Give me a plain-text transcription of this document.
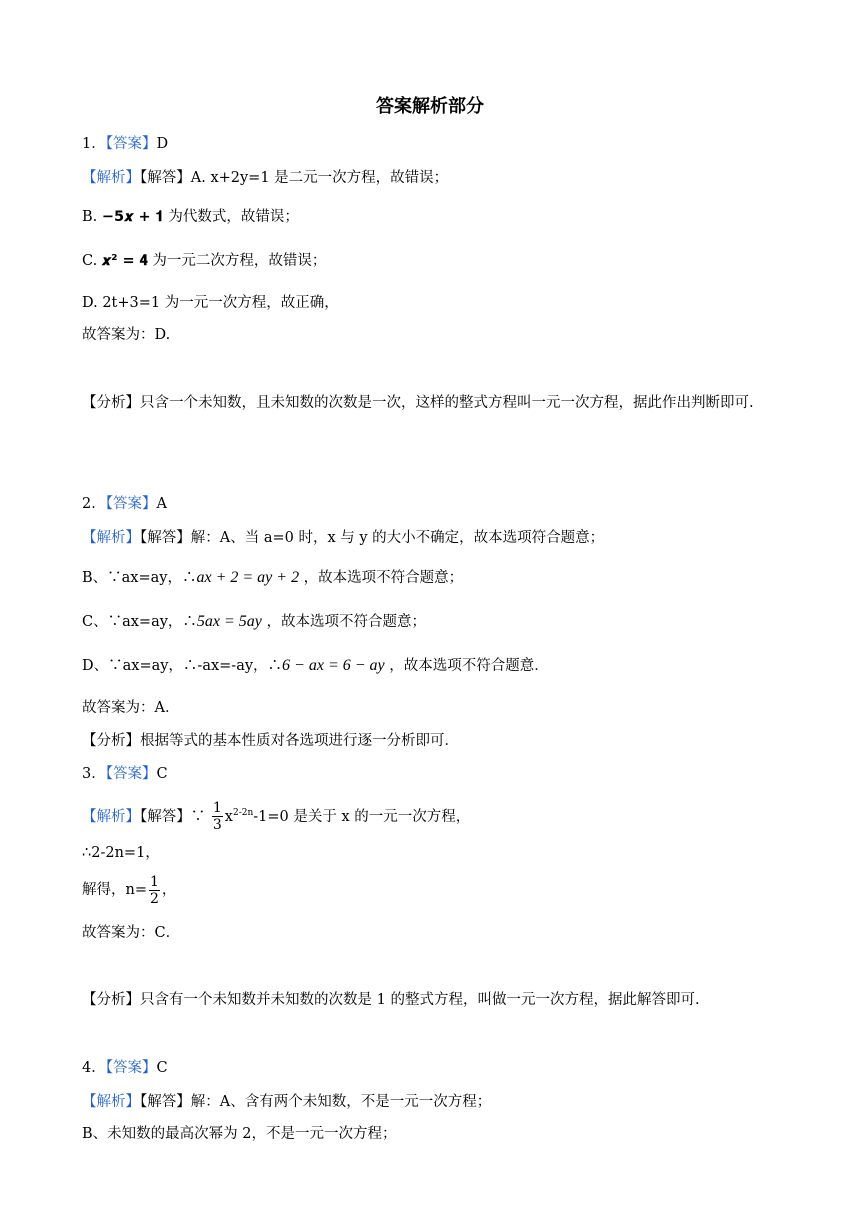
答案解析部分
1．【答案】D
【解析】【解答】A. x+2y=1 是二元一次方程，故错误；
B. −5𝒙 + 𝟏 为代数式，故错误；
C. 𝒙² = 𝟒 为一元二次方程，故错误；
D. 2t+3=1 为一元一次方程，故正确，
故答案为：D.
【分析】只含一个未知数，且未知数的次数是一次，这样的整式方程叫一元一次方程，据此作出判断即可.
2．【答案】A
【解析】【解答】解：A、当 a=0 时，x 与 y 的大小不确定，故本选项符合题意；
B、∵ax=ay，∴ax + 2 = ay + 2 ，故本选项不符合题意；
C、∵ax=ay，∴5ax = 5ay ，故本选项不符合题意；
D、∵ax=ay，∴-ax=-ay，∴6 − ax = 6 − ay ，故本选项不符合题意．
故答案为：A．
【分析】根据等式的基本性质对各选项进行逐一分析即可．
3．【答案】C
【解析】【解答】∵ $\frac{1}{3} x^{2-2n}-1=0$ 是关于 x 的一元一次方程，
∴2-2n=1，
解得，$n= \frac{1}{2}$ ，
故答案为：C．
【分析】只含有一个未知数并未知数的次数是 1 的整式方程，叫做一元一次方程，据此解答即可.
4．【答案】C
【解析】【解答】解：A、含有两个未知数，不是一元一次方程；
B、未知数的最高次幂为 2，不是一元一次方程；
